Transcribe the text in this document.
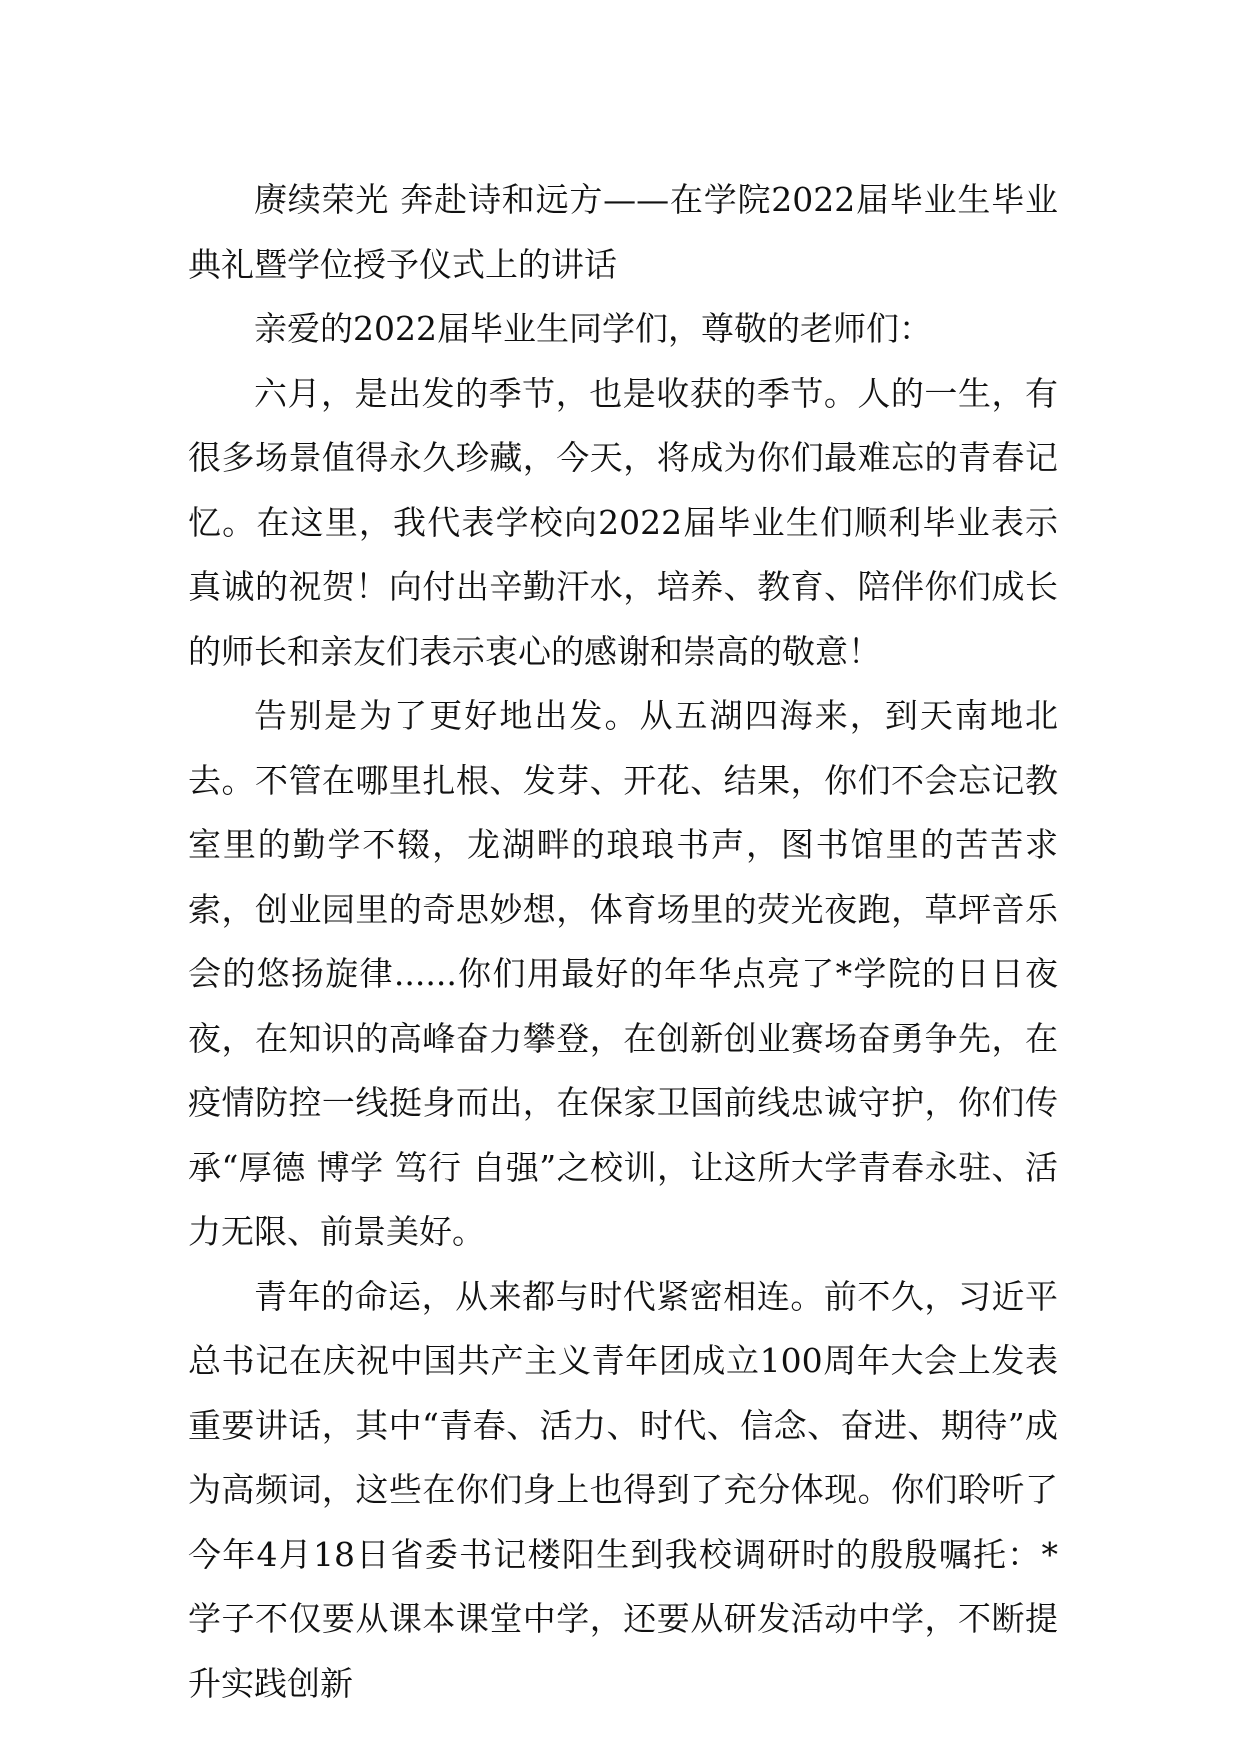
赓续荣光 奔赴诗和远方——在学院2022届毕业生毕业典礼暨学位授予仪式上的讲话

亲爱的2022届毕业生同学们，尊敬的老师们：

六月，是出发的季节，也是收获的季节。人的一生，有很多场景值得永久珍藏，今天，将成为你们最难忘的青春记忆。在这里，我代表学校向2022届毕业生们顺利毕业表示真诚的祝贺！向付出辛勤汗水，培养、教育、陪伴你们成长的师长和亲友们表示衷心的感谢和崇高的敬意！

告别是为了更好地出发。从五湖四海来，到天南地北去。不管在哪里扎根、发芽、开花、结果，你们不会忘记教室里的勤学不辍，龙湖畔的琅琅书声，图书馆里的苦苦求索，创业园里的奇思妙想，体育场里的荧光夜跑，草坪音乐会的悠扬旋律......你们用最好的年华点亮了*学院的日日夜夜，在知识的高峰奋力攀登，在创新创业赛场奋勇争先，在疫情防控一线挺身而出，在保家卫国前线忠诚守护，你们传承“厚德 博学 笃行 自强”之校训，让这所大学青春永驻、活力无限、前景美好。

青年的命运，从来都与时代紧密相连。前不久，习近平总书记在庆祝中国共产主义青年团成立100周年大会上发表重要讲话，其中“青春、活力、时代、信念、奋进、期待”成为高频词，这些在你们身上也得到了充分体现。你们聆听了今年4月18日省委书记楼阳生到我校调研时的殷殷嘱托：*学子不仅要从课本课堂中学，还要从研发活动中学，不断提升实践创新
